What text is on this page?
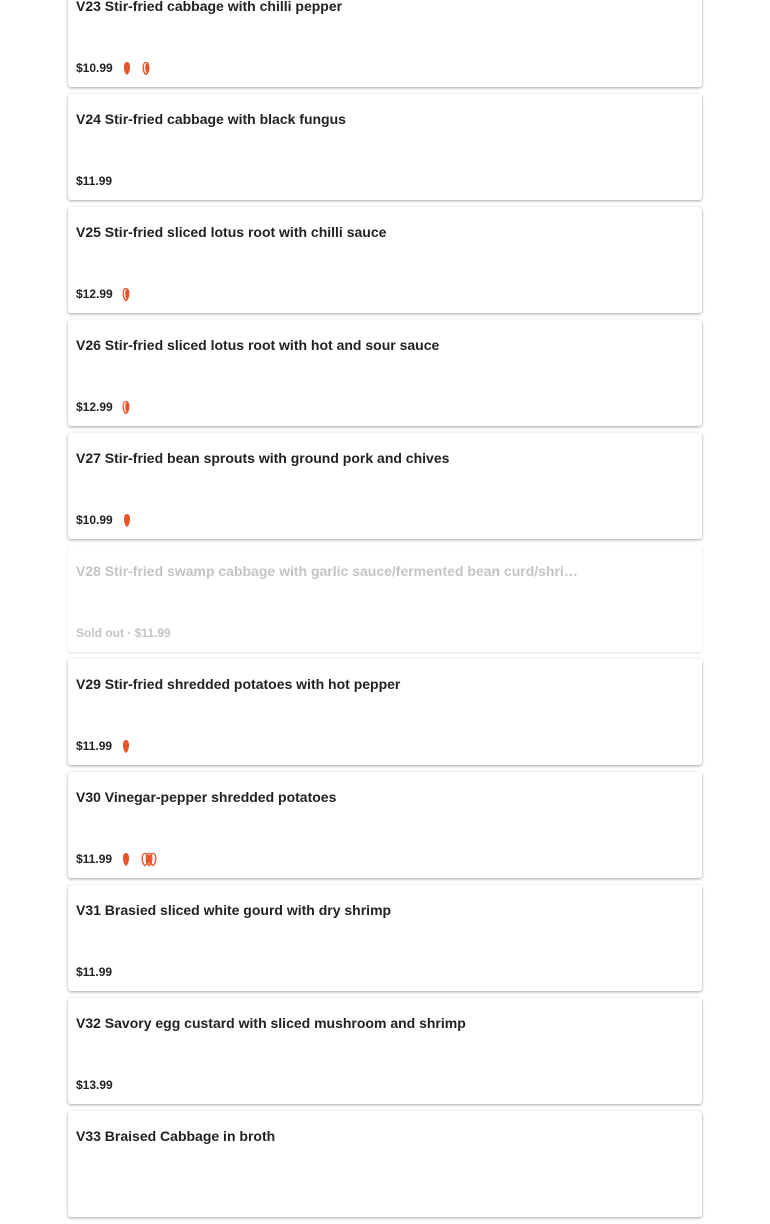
V23 Stir-fried cabbage with chilli pepper
$10.99
V24 Stir-fried cabbage with black fungus
$11.99
V25 Stir-fried sliced lotus root with chilli sauce
$12.99
V26 Stir-fried sliced lotus root with hot and sour sauce
$12.99
V27 Stir-fried bean sprouts with ground pork and chives
$10.99
V28 Stir-fried swamp cabbage with garlic sauce/fermented bean curd/shri…
Sold out · $11.99
V29 Stir-fried shredded potatoes with hot pepper
$11.99
V30 Vinegar-pepper shredded potatoes
$11.99
V31 Brasied sliced white gourd with dry shrimp
$11.99
V32 Savory egg custard with sliced mushroom and shrimp
$13.99
V33 Braised Cabbage in broth
